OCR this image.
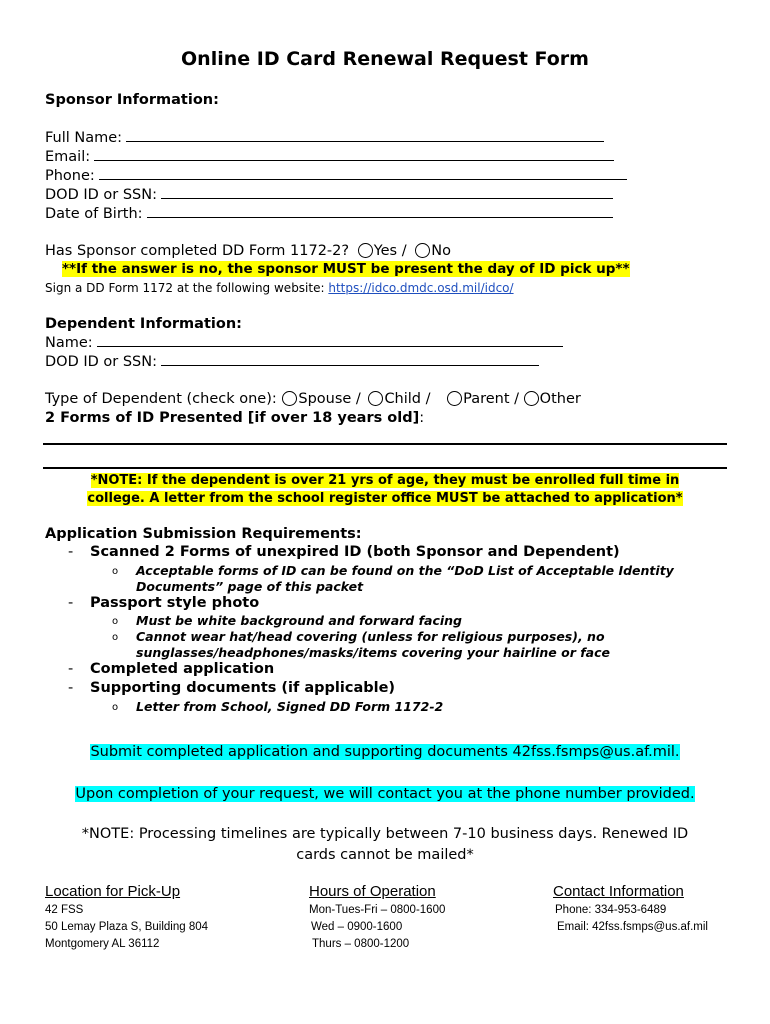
Online ID Card Renewal Request Form
Sponsor Information:
Full Name:
Email:
Phone:
DOD ID or SSN:
Date of Birth:
Has Sponsor completed DD Form 1172-2? Yes / No
**If the answer is no, the sponsor MUST be present the day of ID pick up**
Sign a DD Form 1172 at the following website: https://idco.dmdc.osd.mil/idco/
Dependent Information:
Name:
DOD ID or SSN:
Type of Dependent (check one): Spouse / Child / Parent / Other
2 Forms of ID Presented [if over 18 years old]:
*NOTE: If the dependent is over 21 yrs of age, they must be enrolled full time in
college. A letter from the school register office MUST be attached to application*
Application Submission Requirements:
- Scanned 2 Forms of unexpired ID (both Sponsor and Dependent)
o Acceptable forms of ID can be found on the “DoD List of Acceptable Identity
Documents” page of this packet
- Passport style photo
o Must be white background and forward facing
o Cannot wear hat/head covering (unless for religious purposes), no
sunglasses/headphones/masks/items covering your hairline or face
- Completed application
- Supporting documents (if applicable)
o Letter from School, Signed DD Form 1172-2
Submit completed application and supporting documents 42fss.fsmps@us.af.mil.
Upon completion of your request, we will contact you at the phone number provided.
*NOTE: Processing timelines are typically between 7-10 business days. Renewed ID
cards cannot be mailed*
Location for Pick-Up
42 FSS
50 Lemay Plaza S, Building 804
Montgomery AL 36112
Hours of Operation
Mon-Tues-Fri – 0800-1600
Wed – 0900-1600
Thurs – 0800-1200
Contact Information
Phone: 334-953-6489
Email: 42fss.fsmps@us.af.mil
